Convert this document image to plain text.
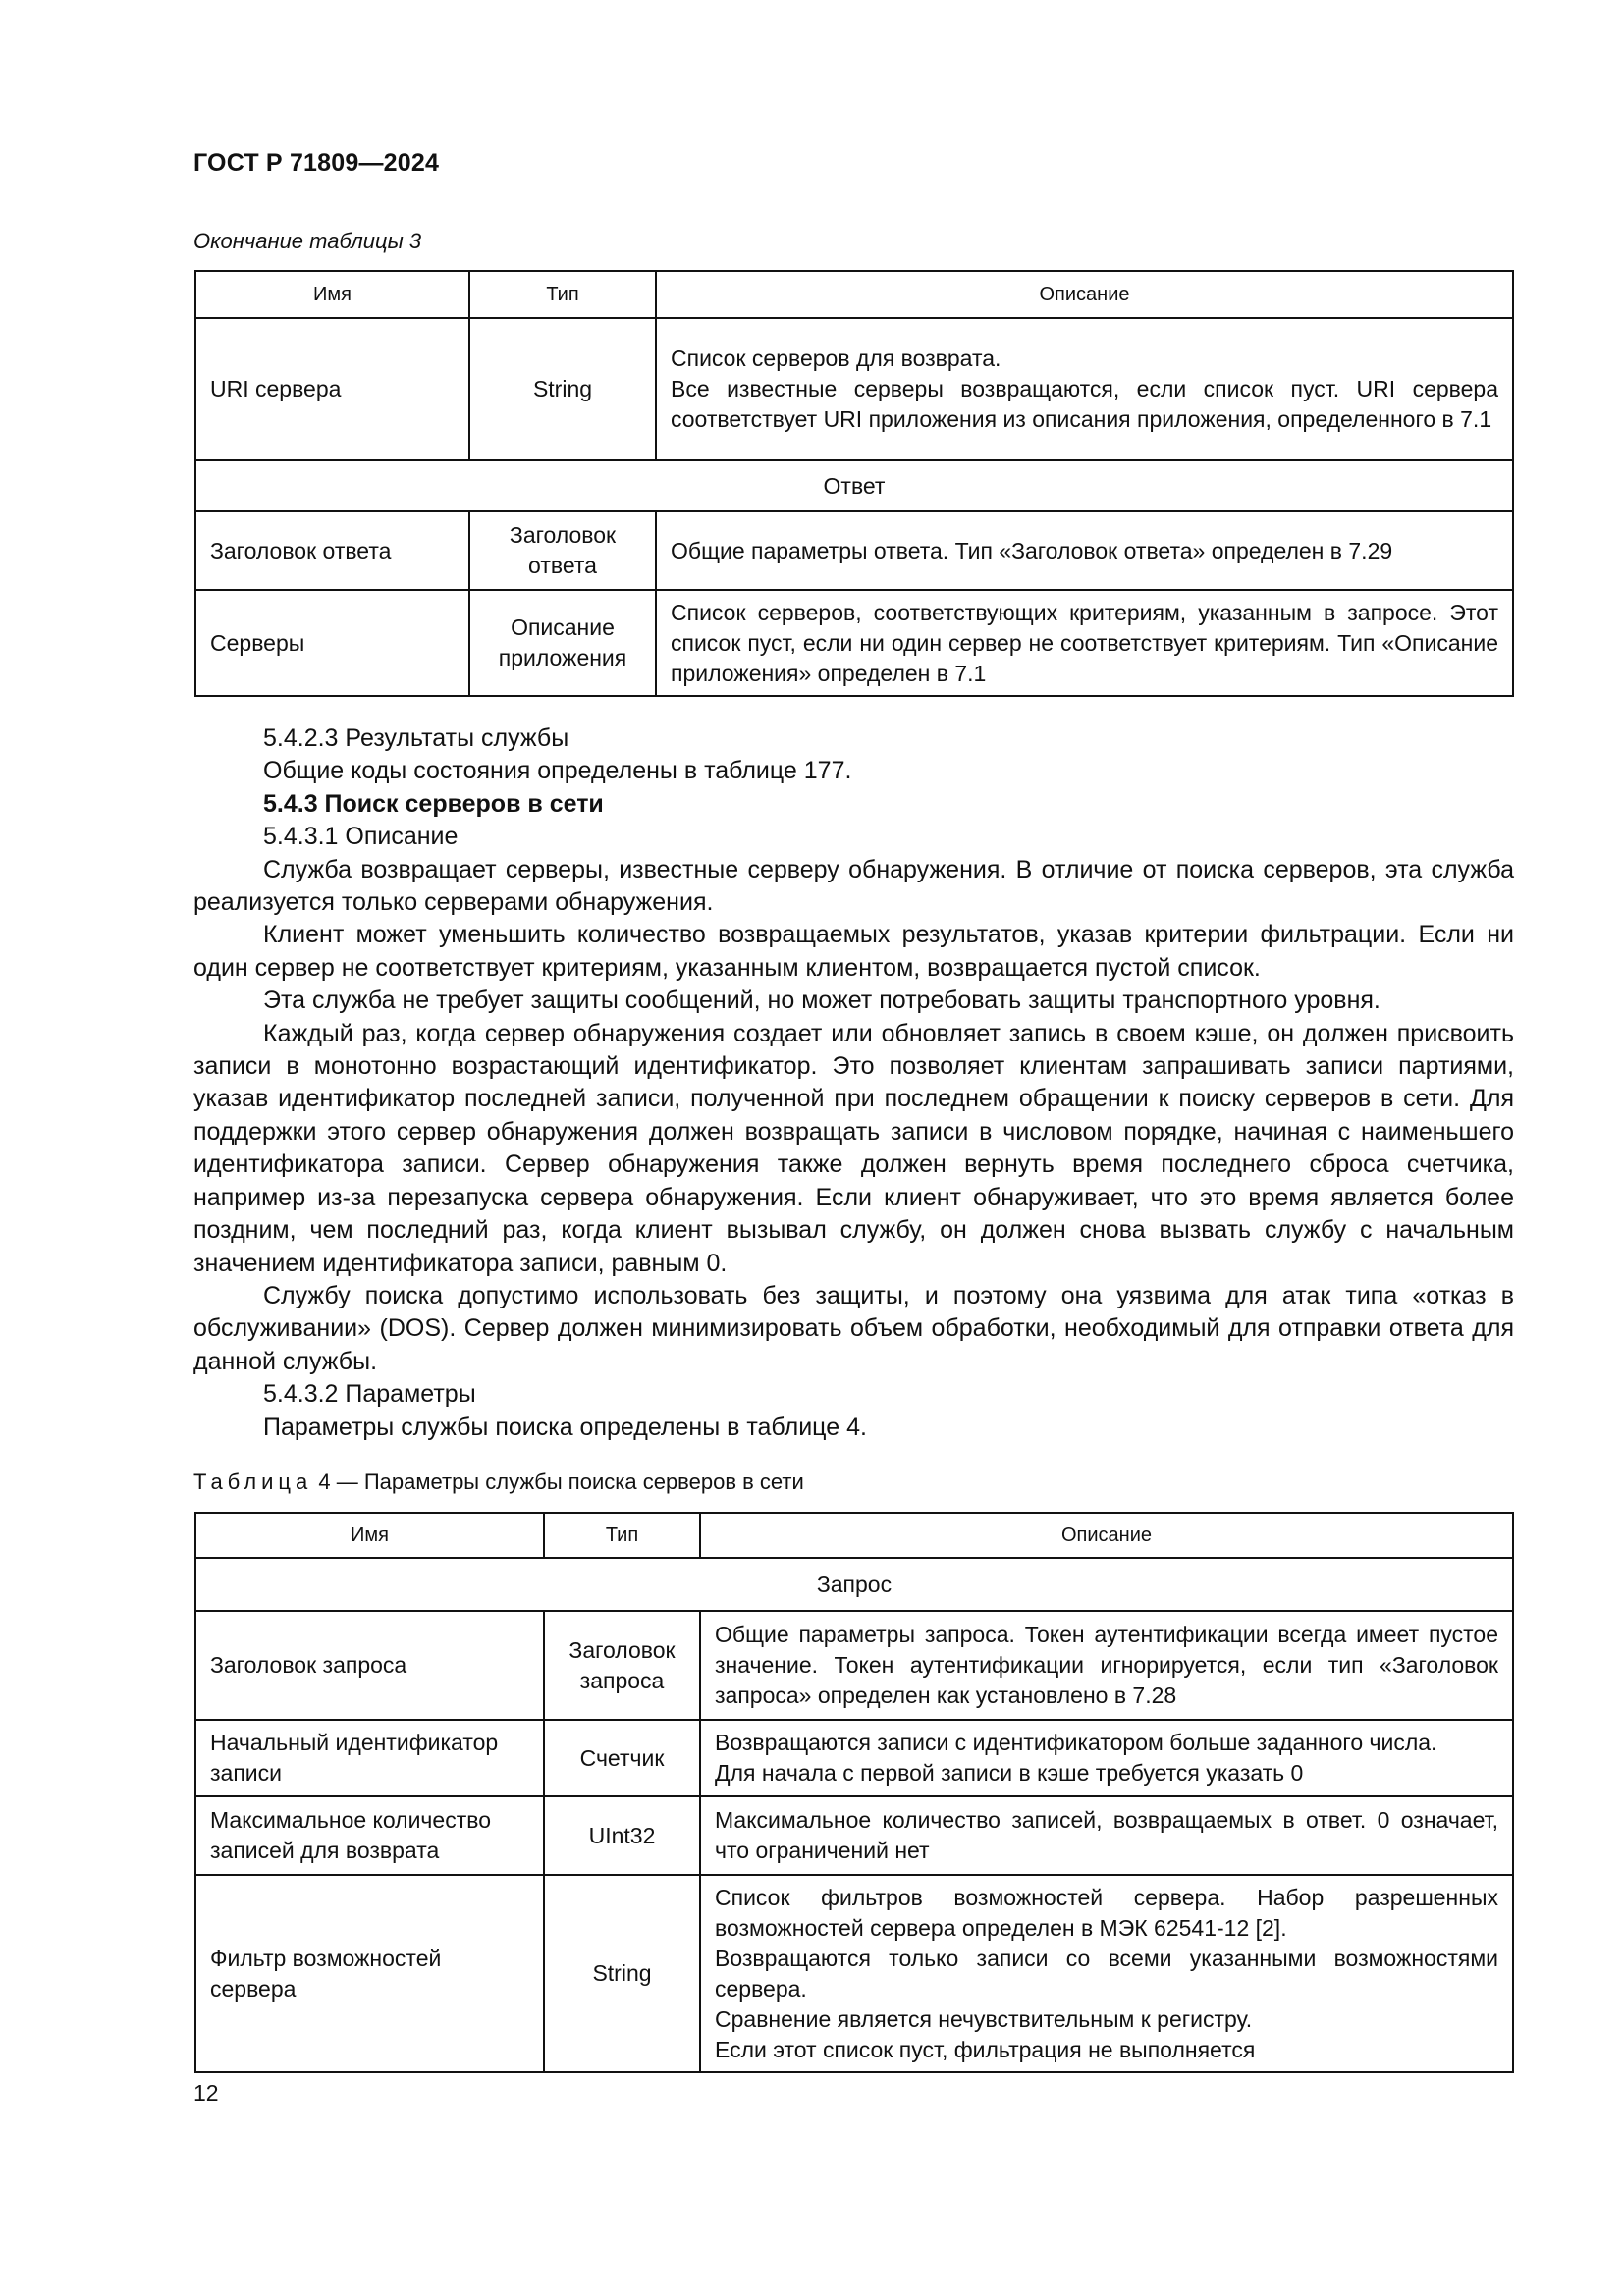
ГОСТ Р 71809—2024
Окончание таблицы 3
Имя	Тип	Описание
URI сервера	String	Список серверов для возврата.
Все известные серверы возвращаются, если список пуст. URI сервера соответствует URI приложения из описания приложения, определенного в 7.1

Ответ		
Заголовок ответа	Заголовок ответа	Общие параметры ответа. Тип «Заголовок ответа» определен в 7.29
Серверы	Описание приложения	Список серверов, соответствующих критериям, указанным в запросе. Этот список пуст, если ни один сервер не соответствует критериям. Тип «Описание приложения» определен в 7.1

5.4.2.3 Результаты службы

Общие коды состояния определены в таблице 177.

5.4.3 Поиск серверов в сети

5.4.3.1 Описание

Служба возвращает серверы, известные серверу обнаружения. В отличие от поиска серверов, эта служба реализуется только серверами обнаружения.

Клиент может уменьшить количество возвращаемых результатов, указав критерии фильтрации. Если ни один сервер не соответствует критериям, указанным клиентом, возвращается пустой список.

Эта служба не требует защиты сообщений, но может потребовать защиты транспортного уровня.

Каждый раз, когда сервер обнаружения создает или обновляет запись в своем кэше, он должен присвоить записи в монотонно возрастающий идентификатор. Это позволяет клиентам запрашивать записи партиями, указав идентификатор последней записи, полученной при последнем обращении к поиску серверов в сети. Для поддержки этого сервер обнаружения должен возвращать записи в числовом порядке, начиная с наименьшего идентификатора записи. Сервер обнаружения также должен вернуть время последнего сброса счетчика, например из-за перезапуска сервера обнаружения. Если клиент обнаруживает, что это время является более поздним, чем последний раз, когда клиент вызывал службу, он должен снова вызвать службу с начальным значением идентификатора записи, равным 0.

Службу поиска допустимо использовать без защиты, и поэтому она уязвима для атак типа «отказ в обслуживании» (DOS). Сервер должен минимизировать объем обработки, необходимый для отправки ответа для данной службы.

5.4.3.2 Параметры

Параметры службы поиска определены в таблице 4.

Таблица 4 — Параметры службы поиска серверов в сети
Имя	Тип	Описание
Запрос		
Заголовок запроса	Заголовок запроса	Общие параметры запроса. Токен аутентификации всегда имеет пустое значение. Токен аутентификации игнорируется, если тип «Заголовок запроса» определен как установлено в 7.28

Начальный идентификатор записи	Счетчик	Возвращаются записи с идентификатором больше заданного числа.
Для начала с первой записи в кэше требуется указать 0

Максимальное количество записей для возврата	UInt32	Максимальное количество записей, возвращаемых в ответ. 0 означает, что ограничений нет

Фильтр возможностей сервера	String	Список фильтров возможностей сервера. Набор разрешенных возможностей сервера определен в МЭК 62541-12 [2].
Возвращаются только записи со всеми указанными возможностями сервера.
Сравнение является нечувствительным к регистру.
Если этот список пуст, фильтрация не выполняется
12
